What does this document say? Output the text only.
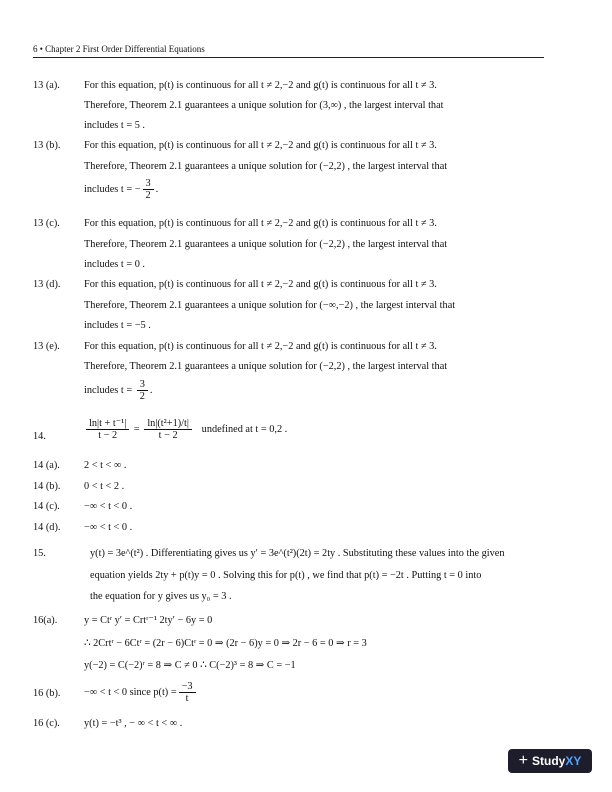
6 • Chapter 2 First Order Differential Equations
13 (a). For this equation, p(t) is continuous for all t ≠ 2,−2 and g(t) is continuous for all t ≠ 3.
Therefore, Theorem 2.1 guarantees a unique solution for (3,∞) , the largest interval that
includes t = 5 .
13 (b). For this equation, p(t) is continuous for all t ≠ 2,−2 and g(t) is continuous for all t ≠ 3.
Therefore, Theorem 2.1 guarantees a unique solution for (−2,2) , the largest interval that
includes t = − $\frac{3}{2}$ .
13 (c). For this equation, p(t) is continuous for all t ≠ 2,−2 and g(t) is continuous for all t ≠ 3.
Therefore, Theorem 2.1 guarantees a unique solution for (−2,2) , the largest interval that
includes t = 0 .
13 (d). For this equation, p(t) is continuous for all t ≠ 2,−2 and g(t) is continuous for all t ≠ 3.
Therefore, Theorem 2.1 guarantees a unique solution for (−∞,−2) , the largest interval that
includes t = −5 .
13 (e). For this equation, p(t) is continuous for all t ≠ 2,−2 and g(t) is continuous for all t ≠ 3.
Therefore, Theorem 2.1 guarantees a unique solution for (−2,2) , the largest interval that
includes $t = \frac{3}{2}$ .
14.	$\frac{\text{ln|t + t⁻¹|}}{t - 2} = \frac{\text{ln|(t²+1)/t|}}{t - 2}$ undefined at t = 0,2 .
14 (a). 2 < t < ∞ .
14 (b). 0 < t < 2 .
14 (c). −∞ < t < 0 .
14 (d). −∞ < t < 0 .
15.	y(t) = 3e^(t²) . Differentiating gives us y′ = 3e^(t²)(2t) = 2ty . Substituting these values into the given
equation yields 2ty + p(t)y = 0 . Solving this for p(t) , we find that p(t) = −2t . Putting t = 0 into
the equation for y gives us y₀ = 3 .
16(a).	y = Ctʳ y′ = Crtʳ⁻¹ 2ty′ − 6y = 0
∴ 2Crtʳ − 6Ctʳ = (2r − 6)Ctʳ = 0 ⇒ (2r − 6)y = 0 ⇒ 2r − 6 = 0 ⇒ r = 3
y(−2) = C(−2)ʳ = 8 ⇒ C ≠ 0 ∴ C(−2)³ = 8 ⇒ C = −1
16 (b). −∞ < t < 0 since $p(t) = \frac{-3}{t}$
16 (c). y(t) = −t³ , − ∞ < t < ∞ .
+ StudyXY
